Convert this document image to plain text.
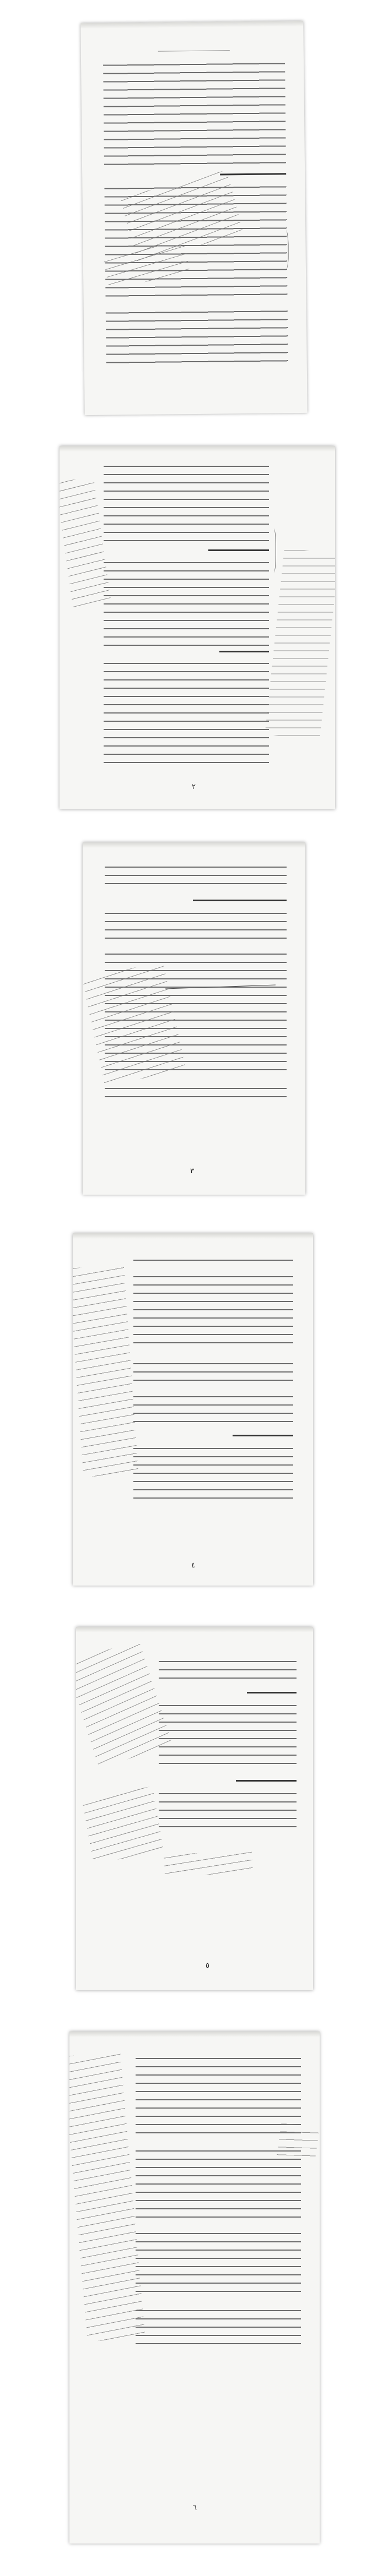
٢
٣
٤
٥
٦
